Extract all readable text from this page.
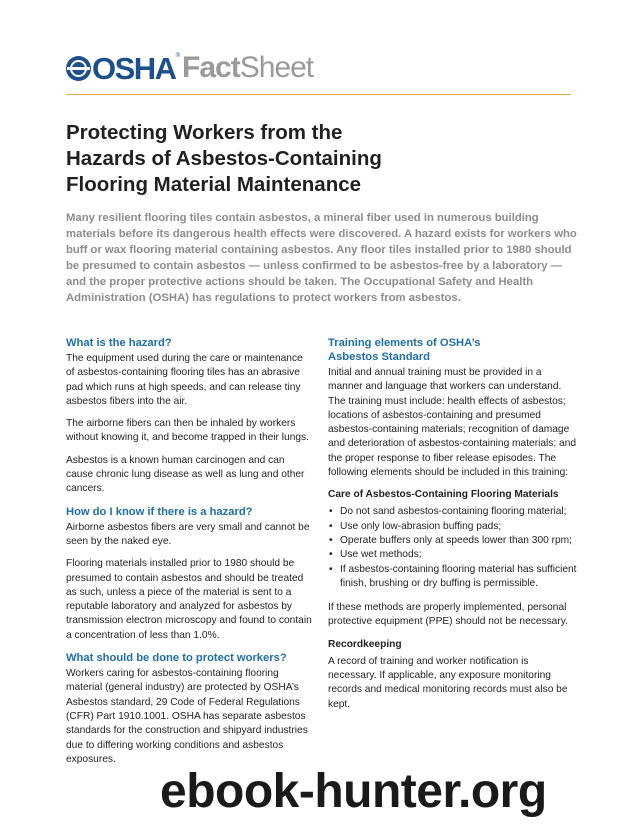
OSHA ® Fact Sheet
Protecting Workers from the
Hazards of Asbestos-Containing
Flooring Material Maintenance

Many resilient flooring tiles contain asbestos, a mineral fiber used in numerous building materials before its dangerous health effects were discovered. A hazard exists for workers who buff or wax flooring material containing asbestos. Any floor tiles installed prior to 1980 should be presumed to contain asbestos — unless confirmed to be asbestos-free by a laboratory — and the proper protective actions should be taken. The Occupational Safety and Health Administration (OSHA) has regulations to protect workers from asbestos.

What is the hazard?

The equipment used during the care or maintenance of asbestos-containing flooring tiles has an abrasive pad which runs at high speeds, and can release tiny asbestos fibers into the air.

The airborne fibers can then be inhaled by workers without knowing it, and become trapped in their lungs.

Asbestos is a known human carcinogen and can cause chronic lung disease as well as lung and other cancers.

How do I know if there is a hazard?

Airborne asbestos fibers are very small and cannot be seen by the naked eye.

Flooring materials installed prior to 1980 should be presumed to contain asbestos and should be treated as such, unless a piece of the material is sent to a reputable laboratory and analyzed for asbestos by transmission electron microscopy and found to contain a concentration of less than 1.0%.

What should be done to protect workers?

Workers caring for asbestos-containing flooring material (general industry) are protected by OSHA’s Asbestos standard, 29 Code of Federal Regulations (CFR) Part 1910.1001. OSHA has separate asbestos standards for the construction and shipyard industries due to differing working conditions and asbestos exposures.

Training elements of OSHA’s
Asbestos Standard

Initial and annual training must be provided in a manner and language that workers can understand. The training must include: health effects of asbestos; locations of asbestos-containing and presumed asbestos-containing materials; recognition of damage and deterioration of asbestos-containing materials; and the proper response to fiber release episodes. The following elements should be included in this training:

Care of Asbestos-Containing Flooring Materials
• Do not sand asbestos-containing flooring material;
• Use only low-abrasion buffing pads;
• Operate buffers only at speeds lower than 300 rpm;
• Use wet methods;
• If asbestos-containing flooring material has sufficient finish, brushing or dry buffing is permissible.

If these methods are properly implemented, personal protective equipment (PPE) should not be necessary.

Recordkeeping

A record of training and worker notification is necessary. If applicable, any exposure monitoring records and medical monitoring records must also be kept.

ebook-hunter.org
